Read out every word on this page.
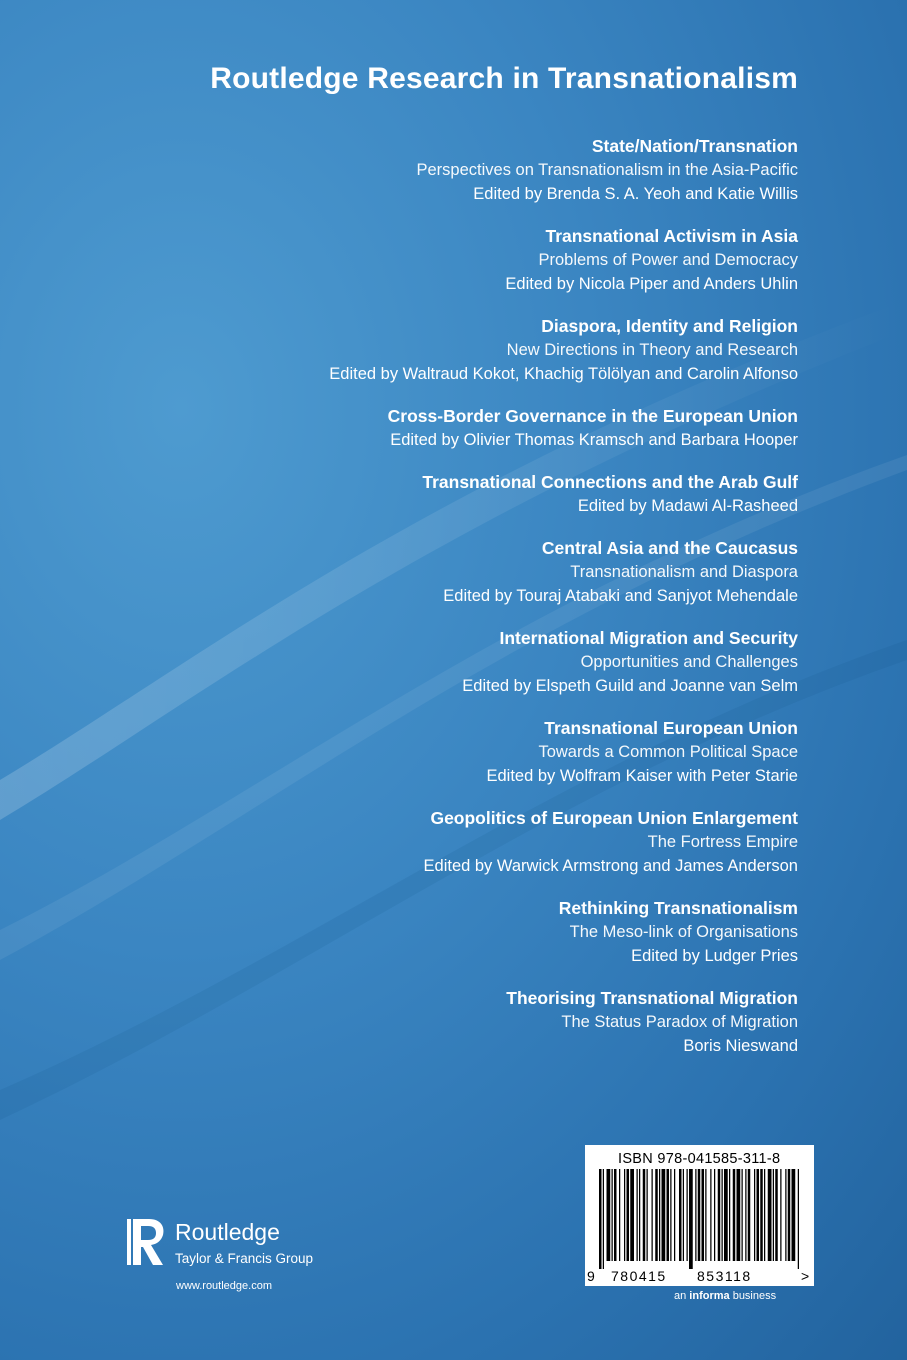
Routledge Research in Transnationalism
State/Nation/Transnation
Perspectives on Transnationalism in the Asia-Pacific
Edited by Brenda S. A. Yeoh and Katie Willis
Transnational Activism in Asia
Problems of Power and Democracy
Edited by Nicola Piper and Anders Uhlin
Diaspora, Identity and Religion
New Directions in Theory and Research
Edited by Waltraud Kokot, Khachig Tölölyan and Carolin Alfonso
Cross-Border Governance in the European Union
Edited by Olivier Thomas Kramsch and Barbara Hooper
Transnational Connections and the Arab Gulf
Edited by Madawi Al-Rasheed
Central Asia and the Caucasus
Transnationalism and Diaspora
Edited by Touraj Atabaki and Sanjyot Mehendale
International Migration and Security
Opportunities and Challenges
Edited by Elspeth Guild and Joanne van Selm
Transnational European Union
Towards a Common Political Space
Edited by Wolfram Kaiser with Peter Starie
Geopolitics of European Union Enlargement
The Fortress Empire
Edited by Warwick Armstrong and James Anderson
Rethinking Transnationalism
The Meso-link of Organisations
Edited by Ludger Pries
Theorising Transnational Migration
The Status Paradox of Migration
Boris Nieswand
Routledge
Taylor & Francis Group
www.routledge.com
ISBN 978-041585-311-8
9 780415 853118	>
an informa business
